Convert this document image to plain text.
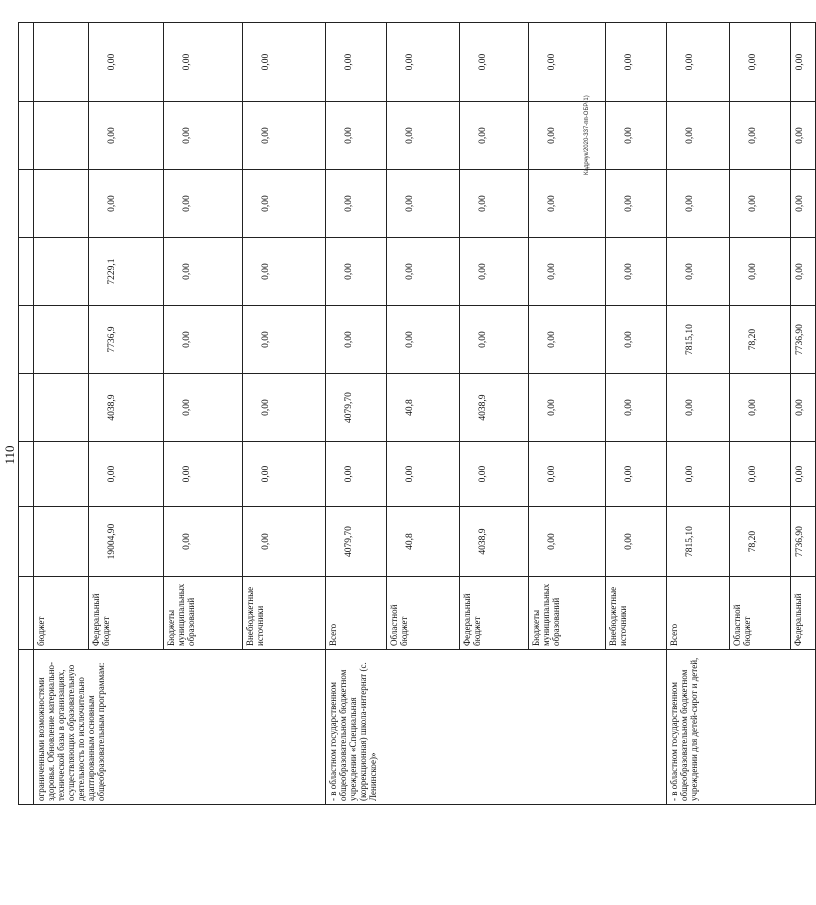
110

ограниченными возможностями здоровья. Обновление материально-технической базы в организациях, осуществляющих образовательную деятельность по исключительно адаптированным основным общеобразовательным программам:	бюджет								
	Федеральный бюджет	19004,90	0,00	4038,9	7736,9	7229,1	0,00	0,00	0,00
	Бюджеты муниципальных образований	0,00	0,00	0,00	0,00	0,00	0,00	0,00	0,00
	Внебюджетные источники	0,00	0,00	0,00	0,00	0,00	0,00	0,00	0,00
- в областном государственном общеобразовательном бюджетном учреждении «Специальная (коррекционная) школа-интернат (с. Ленинское)»	Всего	4079,70	0,00	4079,70	0,00	0,00	0,00	0,00	0,00
	Областной бюджет	40,8	0,00	40,8	0,00	0,00	0,00	0,00	0,00
	Федеральный бюджет	4038,9	0,00	4038,9	0,00	0,00	0,00	0,00	0,00
	Бюджеты муниципальных образований	0,00	0,00	0,00	0,00	0,00	0,00	0,00	0,00
	Внебюджетные источники	0,00	0,00	0,00	0,00	0,00	0,00	0,00	0,00
- в областном государственном общеобразовательном бюджетном учреждении для детей-сирот и детей,	Всего	7815,10	0,00	0,00	7815,10	0,00	0,00	0,00	0,00
	Областной бюджет	78,20	0,00	0,00	78,20	0,00	0,00	0,00	0,00
	Федеральный	7736,90	0,00	0,00	7736,90	0,00	0,00	0,00	0,00
Кадрчук/2020-337-пп-ОБР(1)
